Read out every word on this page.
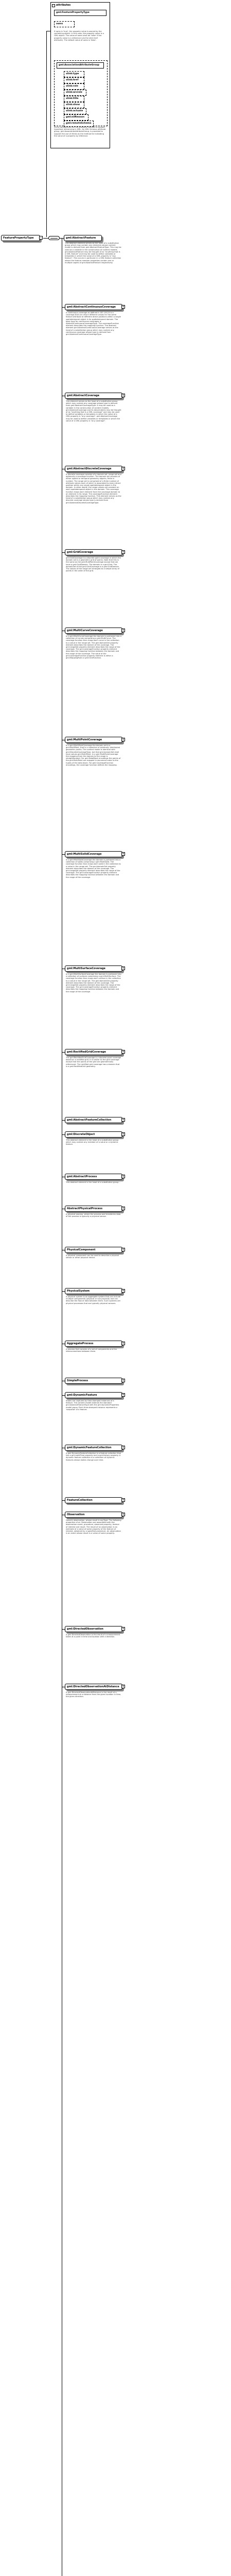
attributes
gml:FeaturePropertyType
owns
If owns is 'true', the property value is owned by the containing object. In this case, the property value is a GML object. The value of owns shall be 'false' if the property value is a reference (via the xlink:href attribute). The default value of owns is 'false'.
gml:AssociationAttributeGroup
xlink:type
xlink:href
xlink:role
xlink:arcrole
xlink:title
xlink:show
xlink:actuate
gml:nilReason
gml:remoteSchema
XLink components are the standard method to support hypertext referencing in XML. An XML Schema attribute group, gml:AssociationAttributeGroup, is provided to support the use of Xlinks as the method for indicating the value of a property by reference.
FeaturePropertyType	−	gml:AbstractFeature
This abstract element serves as the head of a substitution group which may contain any elements whose content model is derived from gml:AbstractFeatureType. This may be used as a variable in the construction of content models. gml:AbstractFeature may be thought of as "anything that is a GML feature" and may be used to define variables or templates in which the value of a GML property is "any feature". This occurs in particular in a GML feature collection where the feature member properties contain one or multiple copies of gml:AbstractFeature respectively.
gml:AbstractContinuousCoverage	+
A continuous coverage as defined in ISO 19123 is a coverage that can return different values for the same feature attribute at different direct positions within a single spatiotemporal object in its spatiotemporal domain. The base type for continuous coverages is AbstractContinuousCoverageType. The coverageFunction element describes the mapping function. The abstract element gml:AbstractContinuousCoverage serves as the head of a substitution group which may contain any continuous coverage whose type is derived from gml:AbstractContinuousCoverageType.
gml:AbstractCoverage	+
This element serves as the head of a substitution group which may contain any coverage whose type is derived from gml:AbstractCoverageType. It may be used as a variable in the construction of content models. gml:AbstractCoverage and its descendents may be thought of as "anything that is a GML coverage" and may be used to define variables or templates in which the value of a GML property is "any coverage". gml:AbstractCoverage may be used to define variables or templates in which the value of a GML property is "any coverage".
gml:AbstractDiscreteCoverage	+
A discrete coverage consists of a domain set, range set and optionally a coverage function. The domain set consists of either spatial or temporal geometry objects, finite in number. The range set is comprised of a finite number of attribute values each of which is associated to every direct position within any single spatiotemporal object in the domain. In other words, the range values are constant on each spatiotemporal object in the domain. This coverage function maps each element from the coverage domain to an element in its range. The coverageFunction element describes the mapping function. This element serves as the head of a substitution group which may contain any discrete coverage whose type is derived from gml:AbstractDiscreteCoverageType.
gml:GridCoverage	+
gml:GridCoverage is a discrete point coverage in which the domain set is a geometric grid of points. Note that this is the same as the gml:MultiPointCoverage except that we have a gml:GridDomain. The domain is a gml:Grid. The domainSet of the gml:GridCoverage is a gml:GridDomain. The values of the range are arranged as a simple array of points in the order of the grid.
gml:MultiCurveCoverage	+
In a gml:MultiCurveCoverage the domain is partioned into a collection of curves comprising a gml:MultiCurve. The coverage function then maps each curve in the collection to a value in the range set. The gml:domainSet property element describes the domain of the coverage. The gml:rangeSet property element describes the range of the coverage. The gml:coverageFunction property element describes the mapping function between the domain and the range of the coverage. The value of the gml:coverageFunction property element is either a gml:MappingRule or gml:GridFunction.
gml:MultiPointCoverage	+
In a gml:MultiPointCoverage the domain set is a gml:MultiPoint, that is a collection of arbitrarily distributed geometric points. The content model is identical with gml:DiscreteCoverageType, but that gml:domainSet shall have values gml:MultiPoint. In a gml:MultiPointCoverage the mapping from the domain to the range is straightforward. For gml:DataBlock encodings the points of the gml:MultiPoint are mapped in document order to the tuples of the data block. For gml:CoverageFunction encodings, the coverage function defines the mapping.
gml:MultiSolidCoverage	+
In a gml:MultiSolidCoverage the domain is partioned into a collection of solids comprising a gml:MultiSolid. The coverage function than maps each solid in the collection to a value in the range set. The gml:domainSet property element describes the domain of the coverage. The gml:rangeSet property element describes the range of the coverage. The gml:coverageFunction property element describes the mapping function between the domain and the range of the coverage.
gml:MultiSurfaceCoverage	+
In a gml:MultiSurfaceCoverage the domain is partioned into a collection of surfaces comprising a gml:MultiSurface. The coverage function than maps each surface in the collection to a value in the range set. The gml:domainSet property element describes the domain of the coverage. The gml:rangeSet property element describes the range of the coverage. The gml:coverageFunction property element describes the mapping function between the domain and the range of the coverage.
gml:RectifiedGridCoverage	+
The gml:RectifiedGridCoverage is a discrete point coverage based on a rectified grid. It is similar to the grid coverage except that the points of the grid are geometrically referenced. The rectified grid coverage has a domain that is a gml:RectifiedGrid geometry.
gml:AbstractFeatureCollection	+
gml:DiscreteObject	+
This abstract element is the head of a substitution group which may contain any member of a value or a dynamic feature.
gml:AbstractProcess	+
This abstract element is the head of a substitution group...
AbstractPhysicalProcess	+
A physical process, where the process and transforms data of the process is typically a physical sensor.
PhysicalComponent	+
A physical component can be used to describe a physical sensor or other physical device.
PhysicalSystem	+
A physical system is an aggregate system that can include multiple components (physical or non-physical) and can describe the flow of data between them. Such systems are physical processes that are typically physical sensors.
AggregateProcess	+
A process that consists of a set of components and the interconnections between them.
SimpleProcess	+
gml:DynamicFeature	+
States are captured by time-stamped instances of a feature. The content model extends the standard gml:AbstractFeatureType with the gml:dynamicProperties model group. Each time-stamped instance represents a 'snapshot' of a feature.
gml:DynamicFeatureCollection	+
A gml:DynamicFeatureCollection is a feature collection that has a gml:validTime property and a gml:history property. A dynamic feature collection is a collection of dynamic features whose states change over time.
FeatureCollection	+
Observation	+
Generic observation, whose result is anyType. The following properties of an Observation are associated with the observation event, procedure, observed property, feature of interest and result. The result of an observation is an estimate of a value of some property of the feature of interest, obtained by a specified procedure. An observation is an event whose result is a value of some property.
gml:DirectedObservation	+
A gml:DirectedObservation is the result of a measurement taken at a point in time and location with a direction.
gml:DirectedObservationAtDistance +
A gml:DirectedObservationAtDistance is the result of a measurement at a distance from the given location in time, the given direction.
